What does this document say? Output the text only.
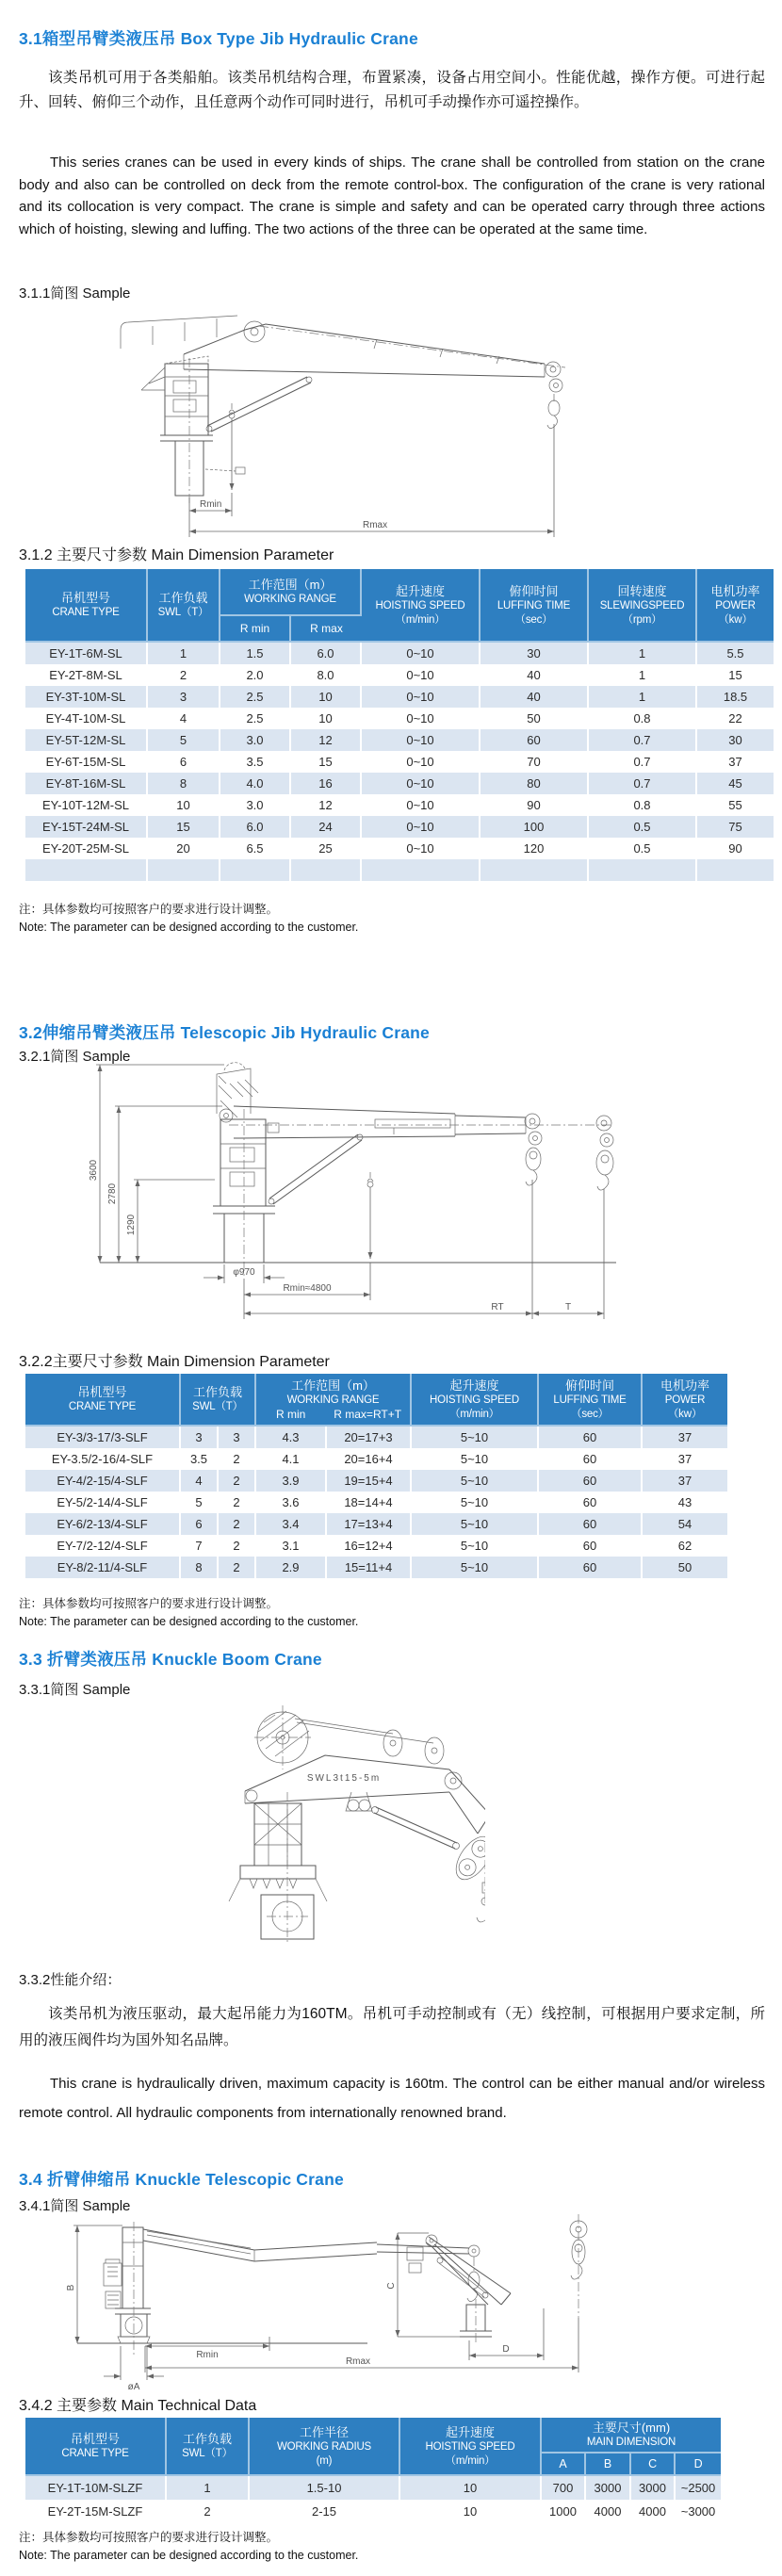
3.1箱型吊臂类液压吊 Box Type Jib Hydraulic Crane
该类吊机可用于各类船舶。该类吊机结构合理，布置紧凑，设备占用空间小。性能优越，操作方便。可进行起升、回转、俯仰三个动作，且任意两个动作可同时进行，吊机可手动操作亦可遥控操作。
This series cranes can be used in every kinds of ships. The crane shall be controlled from station on the crane body and also can be controlled on deck from the remote control-box. The configuration of the crane is very rational and its collocation is very compact. The crane is simple and safety and can be operated carry through three actions which of hoisting, slewing and luffing. The two actions of the three can be operated at the same time.
3.1.1简图 Sample
Rmin
Rmax
3.1.2 主要尺寸参数 Main Dimension Parameter
吊机型号
CRANE TYPE

工作负载
SWL（T）

工作范围（m）
WORKING RANGE

起升速度
HOISTING SPEED
（m/min）

俯仰时间
LUFFING TIME
（sec）

回转速度
SLEWINGSPEED
（rpm）

电机功率
POWER
（kw）

R min	R max				

EY-1T-6M-SL	1	1.5	6.0	0~10	30	1	5.5
EY-2T-8M-SL	2	2.0	8.0	0~10	40	1	15
EY-3T-10M-SL	3	2.5	10	0~10	40	1	18.5
EY-4T-10M-SL	4	2.5	10	0~10	50	0.8	22
EY-5T-12M-SL	5	3.0	12	0~10	60	0.7	30
EY-6T-15M-SL	6	3.5	15	0~10	70	0.7	37
EY-8T-16M-SL	8	4.0	16	0~10	80	0.7	45
EY-10T-12M-SL	10	3.0	12	0~10	90	0.8	55
EY-15T-24M-SL	15	6.0	24	0~10	100	0.5	75
EY-20T-25M-SL	20	6.5	25	0~10	120	0.5	90

注：具体参数均可按照客户的要求进行设计调整。
Note: The parameter can be designed according to the customer.
3.2伸缩吊臂类液压吊 Telescopic Jib Hydraulic Crane
3.2.1简图 Sample
3600
2780
1290
φ970
Rmin≈4800
RT	T
3.2.2主要尺寸参数 Main Dimension Parameter
吊机型号
CRANE TYPE

工作负载
SWL（T）

工作范围（m）
WORKING RANGE
R min	R max=RT+T

起升速度
HOISTING SPEED
（m/min）

俯仰时间
LUFFING TIME
（sec）

电机功率
POWER
（kw）

EY-3/3-17/3-SLF	3	3	4.3	20=17+3	5~10	60	37
EY-3.5/2-16/4-SLF	3.5	2	4.1	20=16+4	5~10	60	37
EY-4/2-15/4-SLF	4	2	3.9	19=15+4	5~10	60	37
EY-5/2-14/4-SLF	5	2	3.6	18=14+4	5~10	60	43
EY-6/2-13/4-SLF	6	2	3.4	17=13+4	5~10	60	54
EY-7/2-12/4-SLF	7	2	3.1	16=12+4	5~10	60	62
EY-8/2-11/4-SLF	8	2	2.9	15=11+4	5~10	60	50
注：具体参数均可按照客户的要求进行设计调整。
Note: The parameter can be designed according to the customer.
3.3 折臂类液压吊 Knuckle Boom Crane
3.3.1简图 Sample
SWL3t15-5m
3.3.2性能介绍：
该类吊机为液压驱动，最大起吊能力为160TM。吊机可手动控制或有（无）线控制，可根据用户要求定制，所用的液压阀件均为国外知名品牌。
This crane is hydraulically driven, maximum capacity is 160tm. The control can be either manual and/or wireless remote control. All hydraulic components from internationally renowned brand.
3.4 折臂伸缩吊 Knuckle Telescopic Crane
3.4.1简图 Sample
B
Rmin
Rmax
øA
C
D
3.4.2 主要参数 Main Technical Data
吊机型号
CRANE TYPE

工作负载
SWL（T）

工作半径
WORKING RADIUS
(m)

起升速度
HOISTING SPEED
（m/min）

主要尺寸(mm)
MAIN DIMENSION

				A	B	C	D

EY-1T-10M-SLZF	1	1.5-10	10	700	3000	3000	~2500
EY-2T-15M-SLZF	2	2-15	10	1000	4000	4000	~3000
注：具体参数均可按照客户的要求进行设计调整。
Note: The parameter can be designed according to the customer.
